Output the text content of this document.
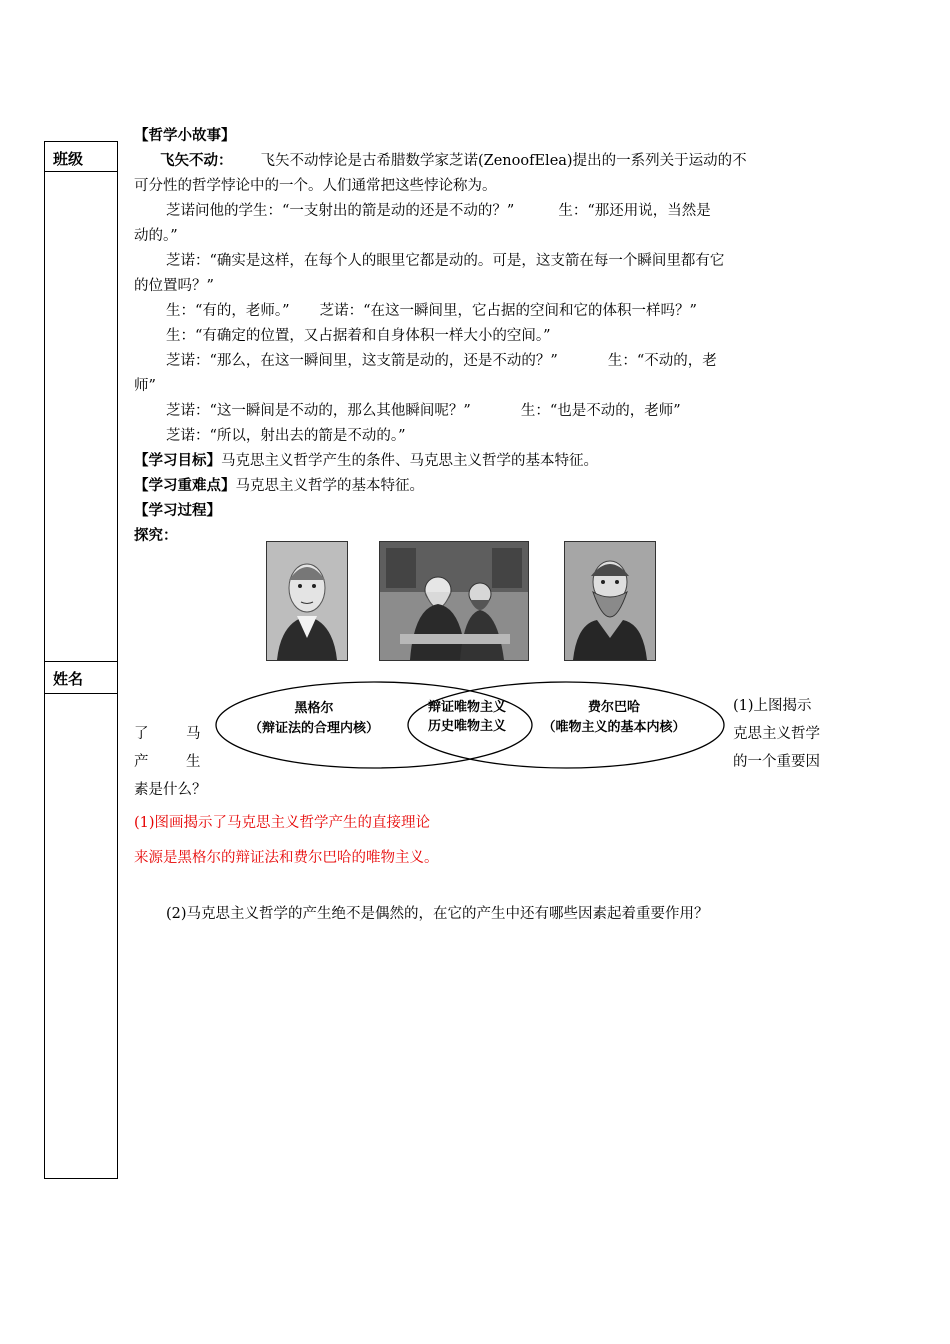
班级
姓名

【哲学小故事】

飞矢不动： 飞矢不动悖论是古希腊数学家芝诺(ZenoofElea)提出的一系列关于运动的不

可分性的哲学悖论中的一个。人们通常把这些悖论称为。

芝诺问他的学生：“一支射出的箭是动的还是不动的？”	生：“那还用说，当然是

动的。”

芝诺：“确实是这样，在每个人的眼里它都是动的。可是，这支箭在每一个瞬间里都有它

的位置吗？”

生：“有的，老师。” 芝诺：“在这一瞬间里，它占据的空间和它的体积一样吗？”

生：“有确定的位置，又占据着和自身体积一样大小的空间。”

芝诺：“那么，在这一瞬间里，这支箭是动的，还是不动的？”	生：“不动的，老

师”

芝诺：“这一瞬间是不动的，那么其他瞬间呢？”	生：“也是不动的，老师”

芝诺：“所以，射出去的箭是不动的。”

【学习目标】马克思主义哲学产生的条件、马克思主义哲学的基本特征。

【学习重难点】马克思主义哲学的基本特征。

【学习过程】

探究：

黑格尔
（辩证法的合理内核）
辩证唯物主义
历史唯物主义
费尔巴哈
（唯物主义的基本内核）
(1)上图揭示
了	马	克思主义哲学
产	生	的一个重要因
素是什么？
(1)图画揭示了马克思主义哲学产生的直接理论
来源是黑格尔的辩证法和费尔巴哈的唯物主义。
(2)马克思主义哲学的产生绝不是偶然的，在它的产生中还有哪些因素起着重要作用？
